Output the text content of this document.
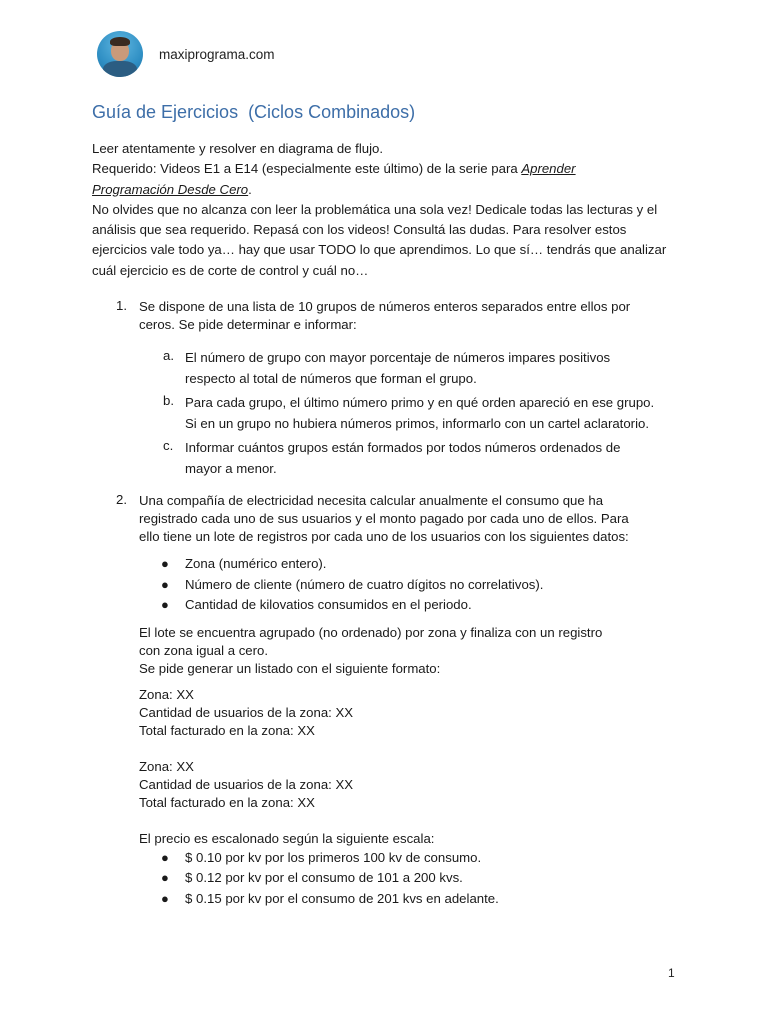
maxiprograma.com
Guía de Ejercicios  (Ciclos Combinados)

Leer atentamente y resolver en diagrama de flujo.

Requerido: Videos E1 a E14 (especialmente este último) de la serie para Aprender

Programación Desde Cero.

No olvides que no alcanza con leer la problemática una sola vez! Dedicale todas las lecturas y el análisis que sea requerido. Repasá con los videos! Consultá las dudas. Para resolver estos ejercicios vale todo ya… hay que usar TODO lo que aprendimos. Lo que sí… tendrás que analizar cuál ejercicio es de corte de control y cuál no…

1. Se dispone de una lista de 10 grupos de números enteros separados entre ellos por ceros. Se pide determinar e informar:
a. El número de grupo con mayor porcentaje de números impares positivos respecto al total de números que forman el grupo.
b. Para cada grupo, el último número primo y en qué orden apareció en ese grupo. Si en un grupo no hubiera números primos, informarlo con un cartel aclaratorio.
c. Informar cuántos grupos están formados por todos números ordenados de mayor a menor.
2. Una compañía de electricidad necesita calcular anualmente el consumo que ha registrado cada uno de sus usuarios y el monto pagado por cada uno de ellos. Para ello tiene un lote de registros por cada uno de los usuarios con los siguientes datos:
● Zona (numérico entero).
● Número de cliente (número de cuatro dígitos no correlativos).
● Cantidad de kilovatios consumidos en el periodo.
El lote se encuentra agrupado (no ordenado) por zona y finaliza con un registro
con zona igual a cero.
Se pide generar un listado con el siguiente formato:
Zona: XX
Cantidad de usuarios de la zona: XX
Total facturado en la zona: XX
Zona: XX
Cantidad de usuarios de la zona: XX
Total facturado en la zona: XX
El precio es escalonado según la siguiente escala:
● $ 0.10 por kv por los primeros 100 kv de consumo.
● $ 0.12 por kv por el consumo de 101 a 200 kvs.
● $ 0.15 por kv por el consumo de 201 kvs en adelante.
1
